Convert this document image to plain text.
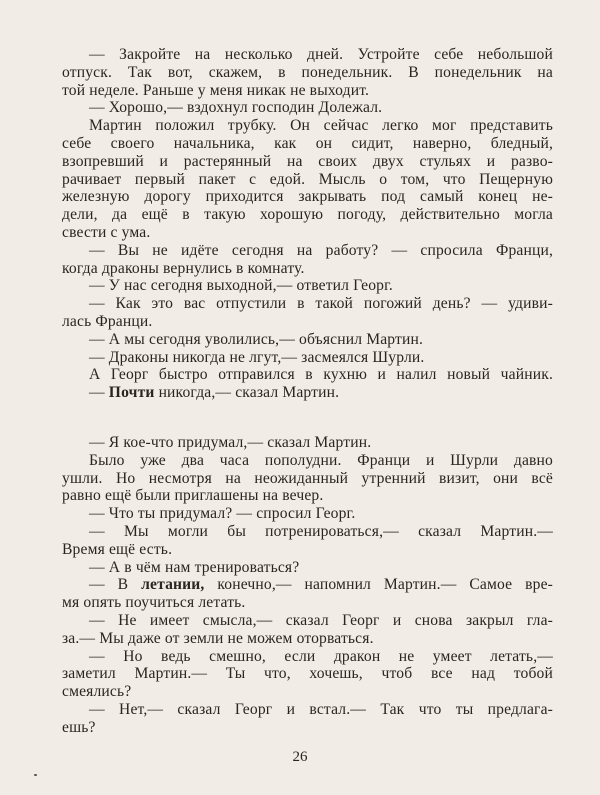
— Закройте на несколько дней. Устройте себе небольшой
отпуск. Так вот, скажем, в понедельник. В понедельник на
той неделе. Раньше у меня никак не выходит.
— Хорошо,— вздохнул господин Долежал.
Мартин положил трубку. Он сейчас легко мог представить
себе своего начальника, как он сидит, наверно, бледный,
взопревший и растерянный на своих двух стульях и разво-
рачивает первый пакет с едой. Мысль о том, что Пещерную
железную дорогу приходится закрывать под самый конец не-
дели, да ещё в такую хорошую погоду, действительно могла
свести с ума.
— Вы не идёте сегодня на работу? — спросила Франци,
когда драконы вернулись в комнату.
— У нас сегодня выходной,— ответил Георг.
— Как это вас отпустили в такой погожий день? — удиви-
лась Франци.
— А мы сегодня уволились,— объяснил Мартин.
— Драконы никогда не лгут,— засмеялся Шурли.
А Георг быстро отправился в кухню и налил новый чайник.
— Почти никогда,— сказал Мартин.
— Я кое-что придумал,— сказал Мартин.
Было уже два часа пополудни. Франци и Шурли давно
ушли. Но несмотря на неожиданный утренний визит, они всё
равно ещё были приглашены на вечер.
— Что ты придумал? — спросил Георг.
— Мы могли бы потренироваться,— сказал Мартин.—
Время ещё есть.
— А в чём нам тренироваться?
— В летании, конечно,— напомнил Мартин.— Самое вре-
мя опять поучиться летать.
— Не имеет смысла,— сказал Георг и снова закрыл гла-
за.— Мы даже от земли не можем оторваться.
— Но ведь смешно, если дракон не умеет летать,—
заметил Мартин.— Ты что, хочешь, чтоб все над тобой
смеялись?
— Нет,— сказал Георг и встал.— Так что ты предлага-
ешь?
26
